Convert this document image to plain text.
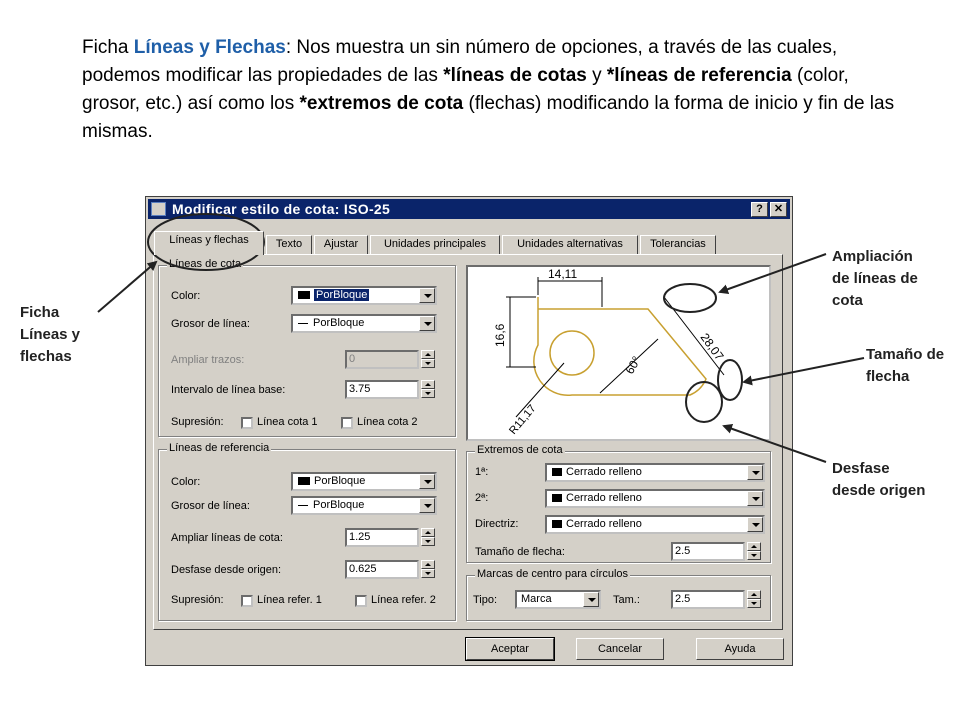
Ficha Líneas y Flechas: Nos muestra un sin número de opciones, a través de las cuales, podemos modificar las propiedades de las *líneas de cotas y *líneas de referencia (color, grosor, etc.) así como los *extremos de cota (flechas) modificando la forma de inicio y fin de las mismas.
Modificar estilo de cota: ISO-25	?	✕
Líneas y flechas	Texto	Ajustar	Unidades principales	Unidades alternativas	Tolerancias
Líneas de cota
Color:	PorBloque
Grosor de línea:	PorBloque
Ampliar trazos:	0
Intervalo de línea base:	3.75
Supresión:	Línea cota 1	Línea cota 2
Líneas de referencia
Color:	PorBloque
Grosor de línea:	PorBloque
Ampliar líneas de cota:	1.25
Desfase desde origen:	0.625
Supresión:	Línea refer. 1	Línea refer. 2
14,11
16,6	28,07
60°
R11,17
Extremos de cota
1ª:	Cerrado relleno
2ª:	Cerrado relleno
Directriz:	Cerrado relleno
Tamaño de flecha:	2.5
Marcas de centro para círculos
Tipo:	Marca	Tam.:	2.5
Aceptar	Cancelar	Ayuda
Ficha
Líneas y
flechas
Ampliación
de líneas de
cota
Tamaño de
flecha
Desfase
desde origen
